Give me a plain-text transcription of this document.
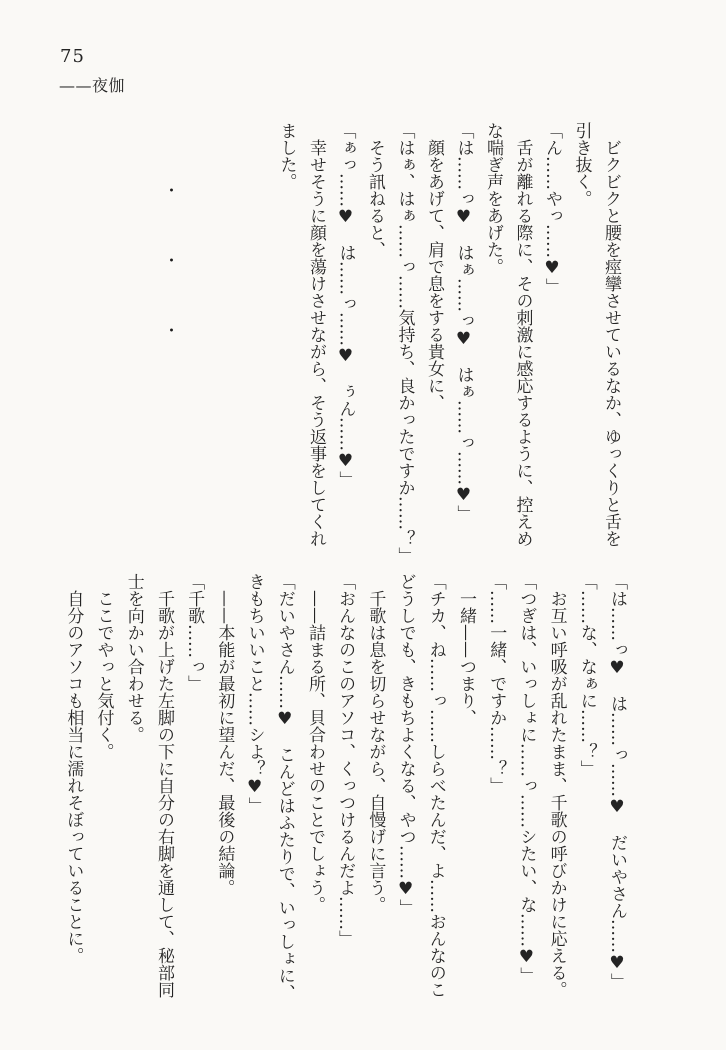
75
——夜伽

ビクビクと腰を痙攣させているなか、ゆっくりと舌を

引き抜く。

「ん……やっ……♥」

舌が離れる際に、その刺激に感応するように、控えめ

な喘ぎ声をあげた。

「は……っ♥　はぁ……っ♥　はぁ……っ……♥」

顔をあげて、肩で息をする貴女に、

「はぁ、はぁ……っ……気持ち、良かったですか……？」

そう訊ねると、

「ぁっ……♥　は……っ……♥　ぅん……♥」

幸せそうに顔を蕩けさせながら、そう返事をしてくれ

ました。

・
・
・

「は……っ♥　は……っ……♥　だいやさん……♥」

「……な、なぁに……？」

お互い呼吸が乱れたまま、千歌の呼びかけに応える。

「つぎは、いっしょに……っ……シたい、な……♥」

「……一緒、ですか……？」

一緒——つまり、

「チカ、ね……っ……しらべたんだ、よ……おんなのこ

どうしでも、きもちよくなる、やつ……♥」

千歌は息を切らせながら、自慢げに言う。

「おんなのこのアソコ、くっつけるんだよ……」

——詰まる所、貝合わせのことでしょう。

「だいやさん……♥　こんどはふたりで、いっしょに、

きもちいいこと……シよ？♥」

——本能が最初に望んだ、最後の結論。

「千歌……っ」

千歌が上げた左脚の下に自分の右脚を通して、秘部同

士を向かい合わせる。

ここでやっと気付く。

自分のアソコも相当に濡れそぼっていることに。
